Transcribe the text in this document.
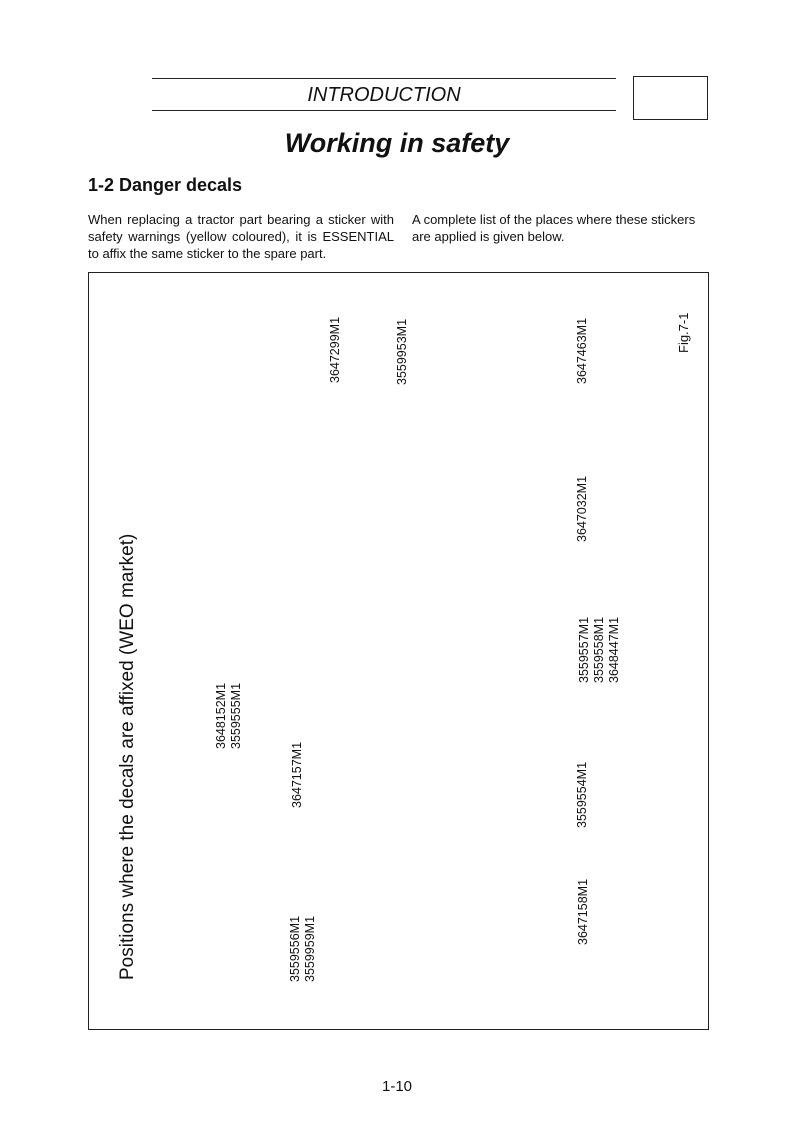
INTRODUCTION
Working in safety
1-2 Danger decals
When replacing a tractor part bearing a sticker with safety warnings (yellow coloured), it is ESSENTIAL to affix the same sticker to the spare part.
A complete list of the places where these stickers are applied is given below.
Fig.7-1
Positions where the decals are affixed (WEO market)
3647299M1	3559953M1	3647463M1
3647032M1
3559557M1 3559558M1 3648447M1
3648152M1 3559555M1
3647157M1	3559554M1
3559556M1 3559959M1
3647158M1
1-10
